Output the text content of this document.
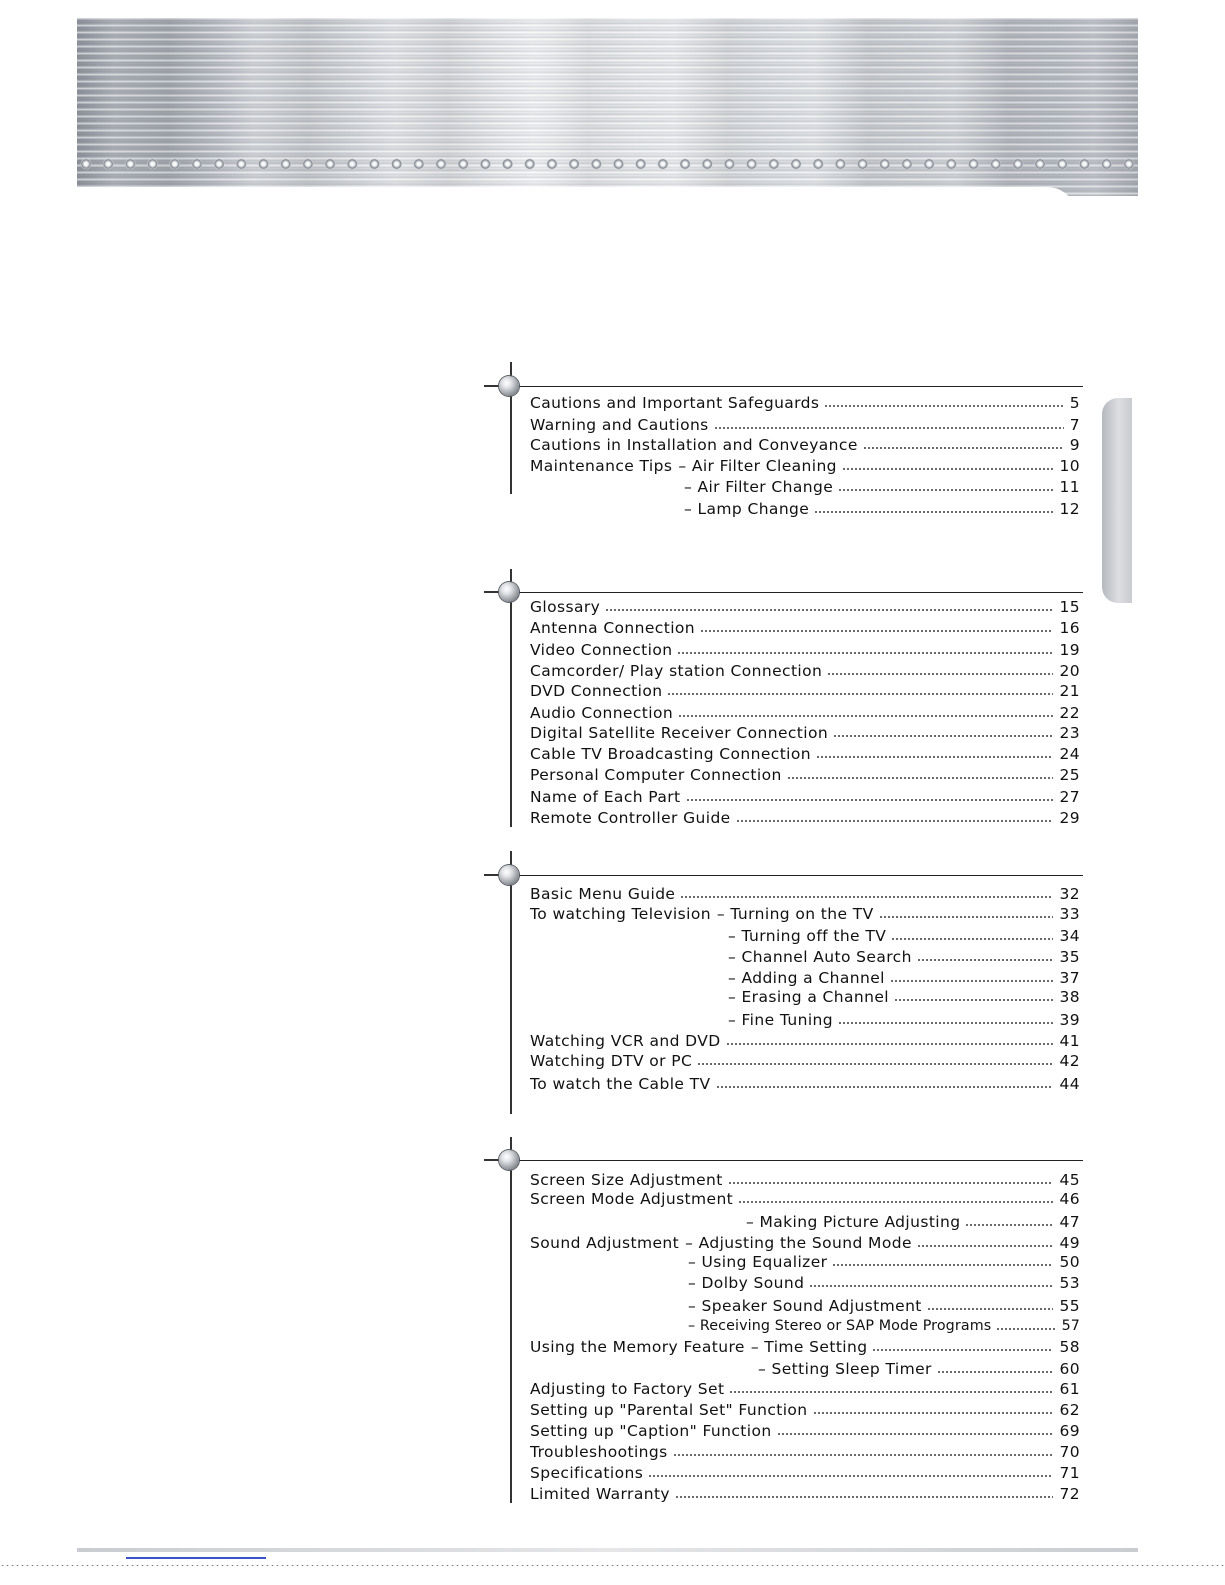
Cautions and Important Safeguards	5
Warning and Cautions	7
Cautions in Installation and Conveyance	9
Maintenance Tips – Air Filter Cleaning	10
– Air Filter Change	11
– Lamp Change	12
Glossary	15
Antenna Connection	16
Video Connection	19
Camcorder/ Play station Connection	20
DVD Connection	21
Audio Connection	22
Digital Satellite Receiver Connection	23
Cable TV Broadcasting Connection	24
Personal Computer Connection	25
Name of Each Part	27
Remote Controller Guide	29
Basic Menu Guide	32
To watching Television – Turning on the TV	33
– Turning off the TV	34
– Channel Auto Search	35
– Adding a Channel	37
– Erasing a Channel	38
– Fine Tuning	39
Watching VCR and DVD	41
Watching DTV or PC	42
To watch the Cable TV	44
Screen Size Adjustment	45
Screen Mode Adjustment	46
– Making Picture Adjusting	47
Sound Adjustment – Adjusting the Sound Mode	49
– Using Equalizer	50
– Dolby Sound	53
– Speaker Sound Adjustment	55
– Receiving Stereo or SAP Mode Programs	57
Using the Memory Feature – Time Setting	58
– Setting Sleep Timer	60
Adjusting to Factory Set	61
Setting up "Parental Set" Function	62
Setting up "Caption" Function	69
Troubleshootings	70
Specifications	71
Limited Warranty	72
